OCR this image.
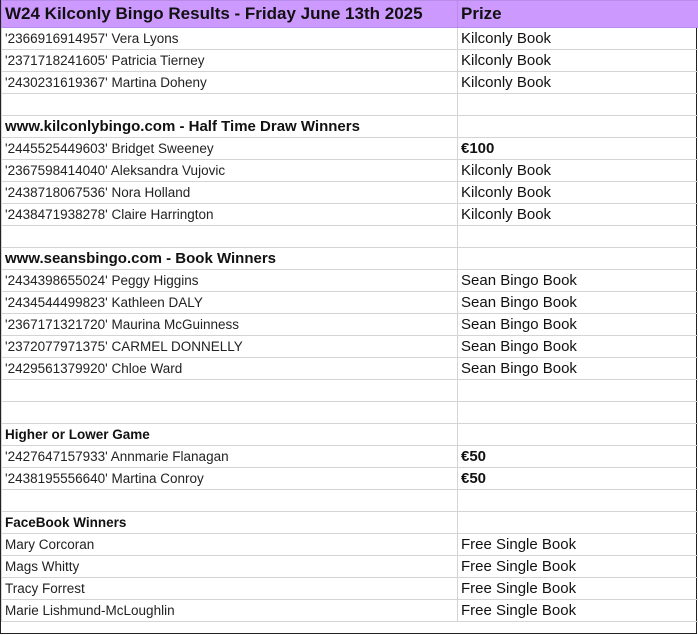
W24 Kilconly Bingo Results - Friday June 13th 2025	Prize
'2366916914957' Vera Lyons	Kilconly Book
'2371718241605' Patricia Tierney	Kilconly Book
'2430231619367' Martina Doheny	Kilconly Book

www.kilconlybingo.com - Half Time Draw Winners	
'2445525449603' Bridget Sweeney	€100
'2367598414040' Aleksandra Vujovic	Kilconly Book
'2438718067536' Nora Holland	Kilconly Book
'2438471938278' Claire Harrington	Kilconly Book

www.seansbingo.com - Book Winners	
'2434398655024' Peggy Higgins	Sean Bingo Book
'2434544499823' Kathleen DALY	Sean Bingo Book
'2367171321720' Maurina McGuinness	Sean Bingo Book
'2372077971375' CARMEL DONNELLY	Sean Bingo Book
'2429561379920' Chloe Ward	Sean Bingo Book

Higher or Lower Game	
'2427647157933' Annmarie Flanagan	€50
'2438195556640' Martina Conroy	€50

FaceBook Winners	
Mary Corcoran	Free Single Book
Mags Whitty	Free Single Book
Tracy Forrest	Free Single Book
Marie Lishmund-McLoughlin	Free Single Book
